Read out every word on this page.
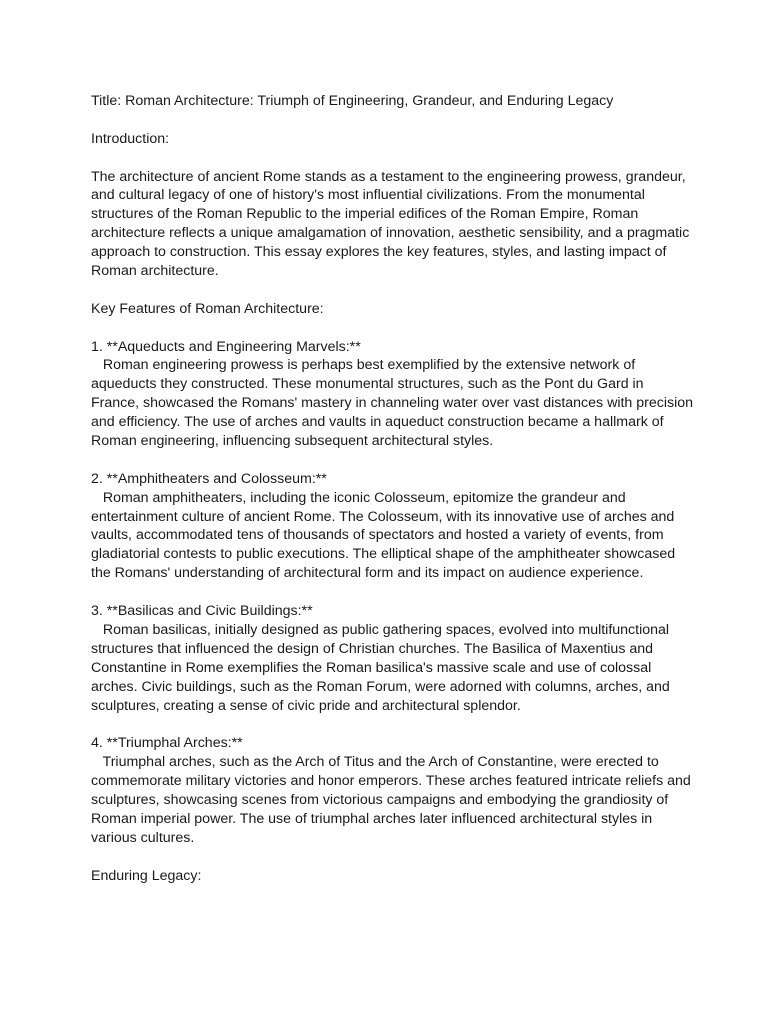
Title: Roman Architecture: Triumph of Engineering, Grandeur, and Enduring Legacy
Introduction:
The architecture of ancient Rome stands as a testament to the engineering prowess, grandeur,
and cultural legacy of one of history's most influential civilizations. From the monumental
structures of the Roman Republic to the imperial edifices of the Roman Empire, Roman
architecture reflects a unique amalgamation of innovation, aesthetic sensibility, and a pragmatic
approach to construction. This essay explores the key features, styles, and lasting impact of
Roman architecture.
Key Features of Roman Architecture:
1. **Aqueducts and Engineering Marvels:**
Roman engineering prowess is perhaps best exemplified by the extensive network of
aqueducts they constructed. These monumental structures, such as the Pont du Gard in
France, showcased the Romans' mastery in channeling water over vast distances with precision
and efficiency. The use of arches and vaults in aqueduct construction became a hallmark of
Roman engineering, influencing subsequent architectural styles.
2. **Amphitheaters and Colosseum:**
Roman amphitheaters, including the iconic Colosseum, epitomize the grandeur and
entertainment culture of ancient Rome. The Colosseum, with its innovative use of arches and
vaults, accommodated tens of thousands of spectators and hosted a variety of events, from
gladiatorial contests to public executions. The elliptical shape of the amphitheater showcased
the Romans' understanding of architectural form and its impact on audience experience.
3. **Basilicas and Civic Buildings:**
Roman basilicas, initially designed as public gathering spaces, evolved into multifunctional
structures that influenced the design of Christian churches. The Basilica of Maxentius and
Constantine in Rome exemplifies the Roman basilica's massive scale and use of colossal
arches. Civic buildings, such as the Roman Forum, were adorned with columns, arches, and
sculptures, creating a sense of civic pride and architectural splendor.
4. **Triumphal Arches:**
Triumphal arches, such as the Arch of Titus and the Arch of Constantine, were erected to
commemorate military victories and honor emperors. These arches featured intricate reliefs and
sculptures, showcasing scenes from victorious campaigns and embodying the grandiosity of
Roman imperial power. The use of triumphal arches later influenced architectural styles in
various cultures.
Enduring Legacy:
